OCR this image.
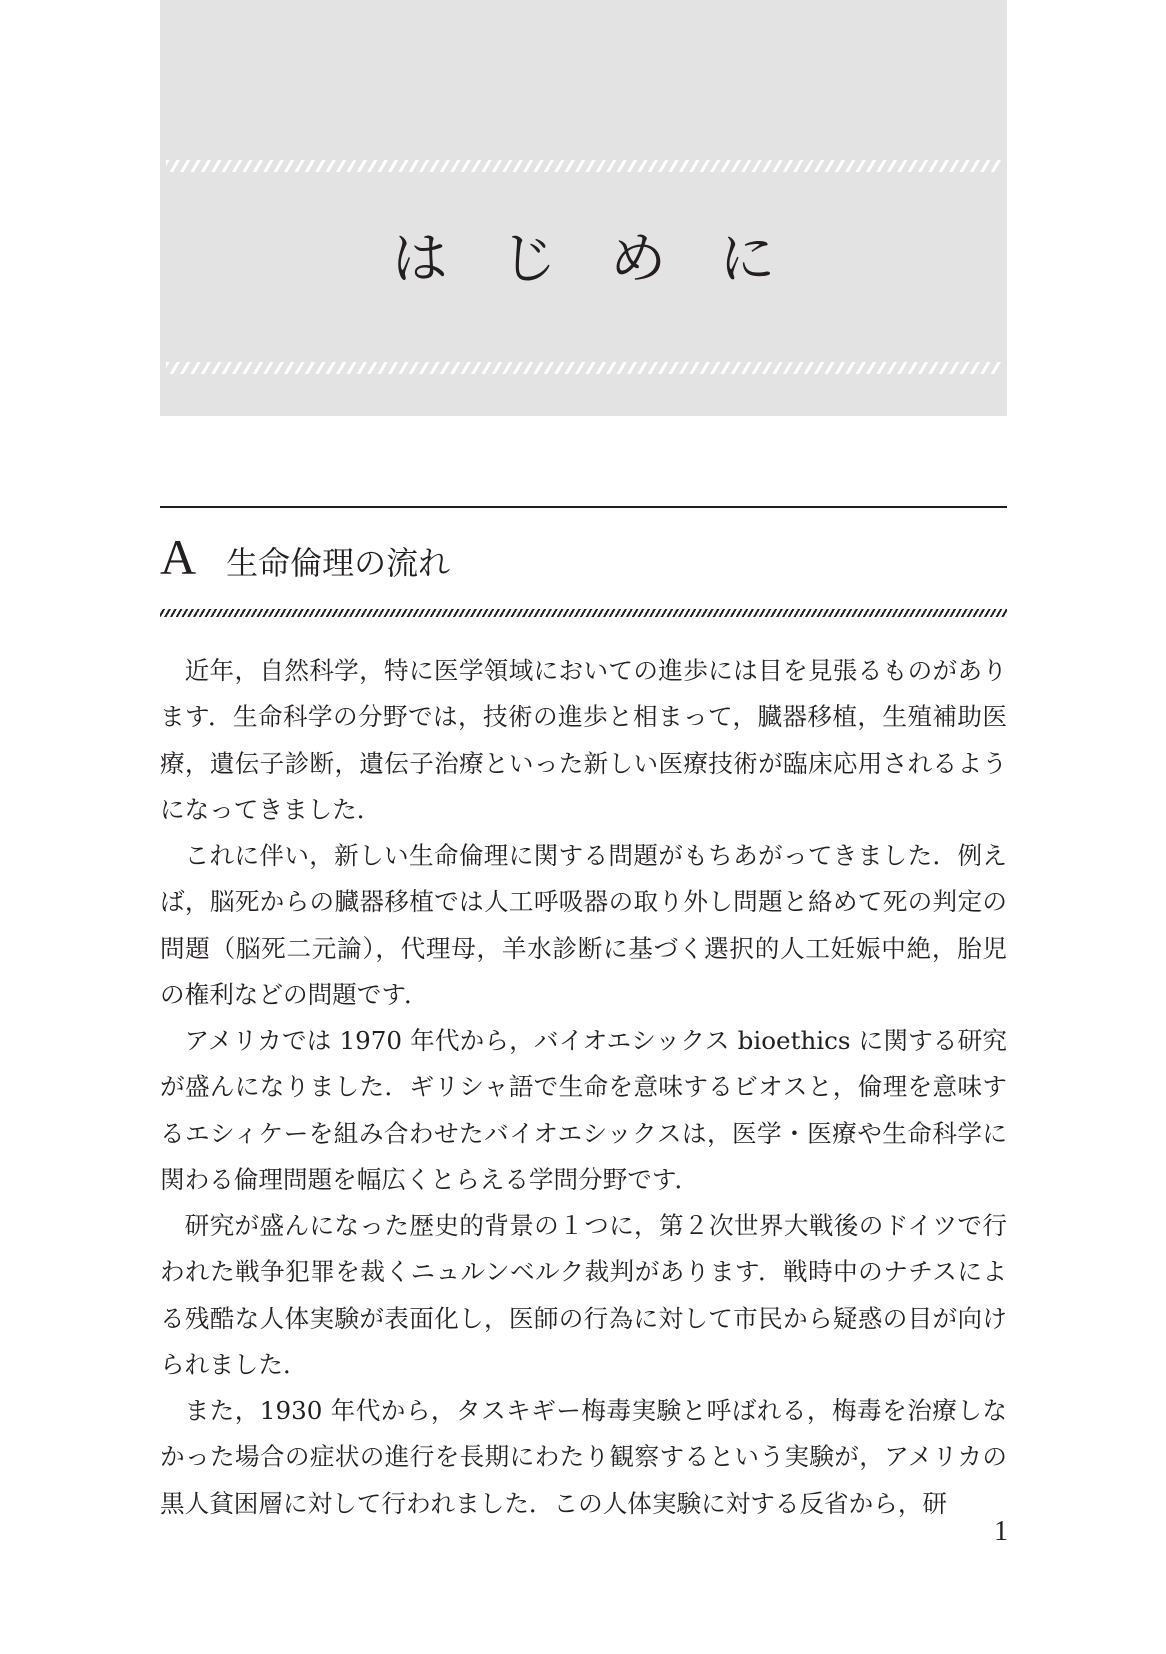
はじめに
A 生命倫理の流れ

近年，自然科学，特に医学領域においての進歩には目を見張るものがあります．生命科学の分野では，技術の進歩と相まって，臓器移植，生殖補助医療，遺伝子診断，遺伝子治療といった新しい医療技術が臨床応用されるようになってきました．

これに伴い，新しい生命倫理に関する問題がもちあがってきました．例えば，脳死からの臓器移植では人工呼吸器の取り外し問題と絡めて死の判定の問題（脳死二元論），代理母，羊水診断に基づく選択的人工妊娠中絶，胎児の権利などの問題です．

アメリカでは 1970 年代から，バイオエシックス bioethics に関する研究が盛んになりました．ギリシャ語で生命を意味するビオスと，倫理を意味するエシィケーを組み合わせたバイオエシックスは，医学・医療や生命科学に関わる倫理問題を幅広くとらえる学問分野です．

研究が盛んになった歴史的背景の１つに，第２次世界大戦後のドイツで行われた戦争犯罪を裁くニュルンベルク裁判があります．戦時中のナチスによる残酷な人体実験が表面化し，医師の行為に対して市民から疑惑の目が向けられました．

また，1930 年代から，タスキギー梅毒実験と呼ばれる，梅毒を治療しなかった場合の症状の進行を長期にわたり観察するという実験が，アメリカの黒人貧困層に対して行われました．この人体実験に対する反省から，研

1
